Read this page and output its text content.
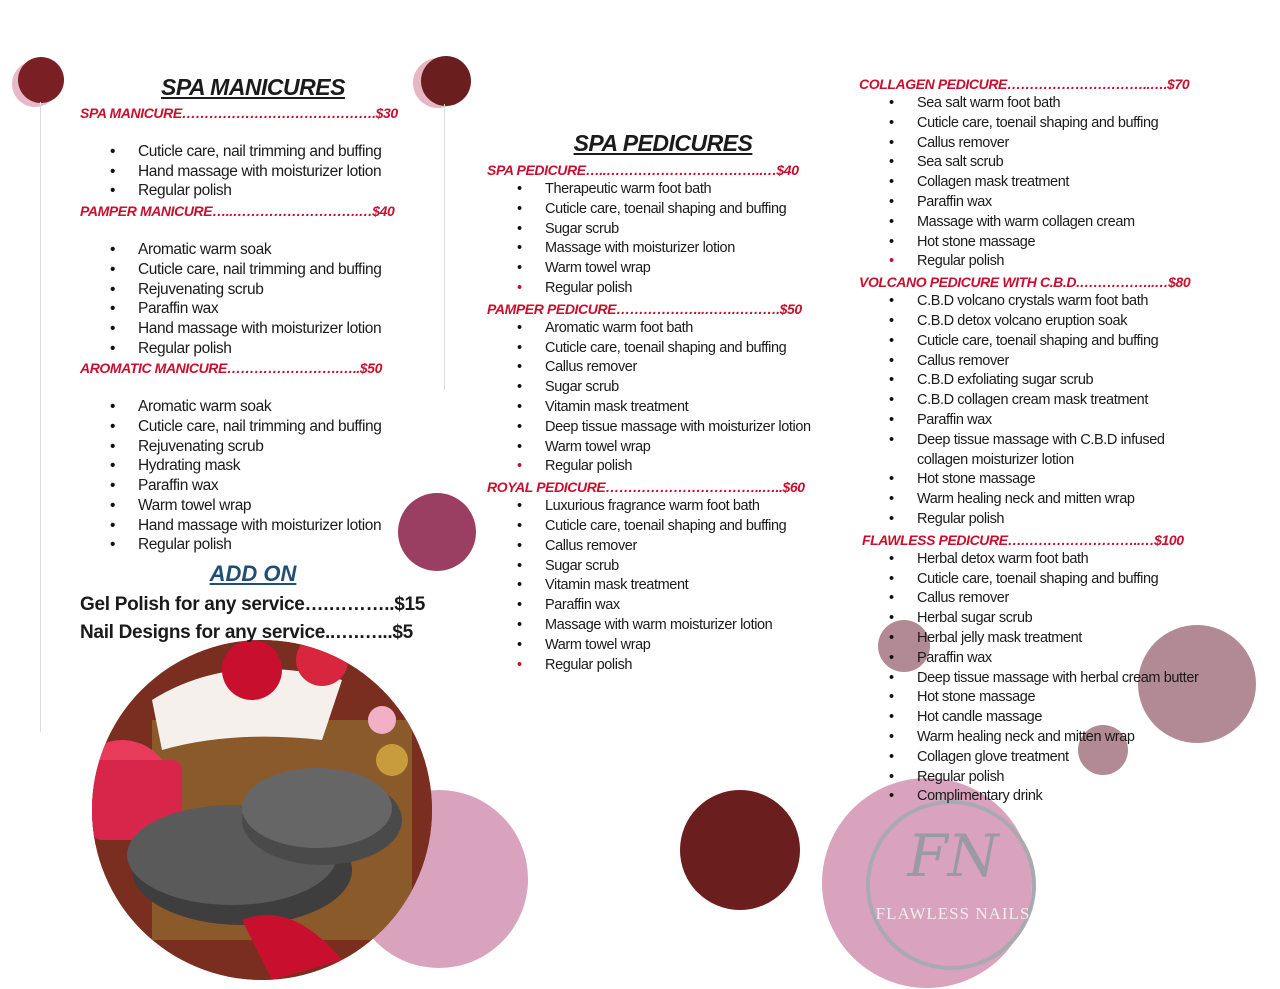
FN
FLAWLESS NAILS
SPA MANICURES
SPA MANICURE…………………………………….$30
• Cuticle care, nail trimming and buffing
• Hand massage with moisturizer lotion
• Regular polish
PAMPER MANICURE…..……………………….…$40
• Aromatic warm soak
• Cuticle care, nail trimming and buffing
• Rejuvenating scrub
• Paraffin wax
• Hand massage with moisturizer lotion
• Regular polish
AROMATIC MANICURE…………………….…..$50
• Aromatic warm soak
• Cuticle care, nail trimming and buffing
• Rejuvenating scrub
• Hydrating mask
• Paraffin wax
• Warm towel wrap
• Hand massage with moisturizer lotion
• Regular polish
ADD ON
Gel Polish for any service….………..$15
Nail Designs for any service..….…...$5
SPA PEDICURES
SPA PEDICURE…..……………………………..…$40
• Therapeutic warm foot bath
• Cuticle care, toenail shaping and buffing
• Sugar scrub
• Massage with moisturizer lotion
• Warm towel wrap
• Regular polish
PAMPER PEDICURE………………..…….……….$50
• Aromatic warm foot bath
• Cuticle care, toenail shaping and buffing
• Callus remover
• Sugar scrub
• Vitamin mask treatment
• Deep tissue massage with moisturizer lotion
• Warm towel wrap
• Regular polish
ROYAL PEDICURE……………………………..…..$60
• Luxurious fragrance warm foot bath
• Cuticle care, toenail shaping and buffing
• Callus remover
• Sugar scrub
• Vitamin mask treatment
• Paraffin wax
• Massage with warm moisturizer lotion
• Warm towel wrap
• Regular polish
COLLAGEN PEDICURE…………………………..….$70
• Sea salt warm foot bath
• Cuticle care, toenail shaping and buffing
• Callus remover
• Sea salt scrub
• Collagen mask treatment
• Paraffin wax
• Massage with warm collagen cream
• Hot stone massage
• Regular polish
VOLCANO PEDICURE WITH C.B.D.……………..…$80
• C.B.D volcano crystals warm foot bath
• C.B.D detox volcano eruption soak
• Cuticle care, toenail shaping and buffing
• Callus remover
• C.B.D exfoliating sugar scrub
• C.B.D collagen cream mask treatment
• Paraffin wax
• Deep tissue massage with C.B.D infused
collagen moisturizer lotion
• Hot stone massage
• Warm healing neck and mitten wrap
• Regular polish
FLAWLESS PEDICURE….……………………..…$100
• Herbal detox warm foot bath
• Cuticle care, toenail shaping and buffing
• Callus remover
• Herbal sugar scrub
• Herbal jelly mask treatment
• Paraffin wax
• Deep tissue massage with herbal cream butter
• Hot stone massage
• Hot candle massage
• Warm healing neck and mitten wrap
• Collagen glove treatment
• Regular polish
• Complimentary drink
